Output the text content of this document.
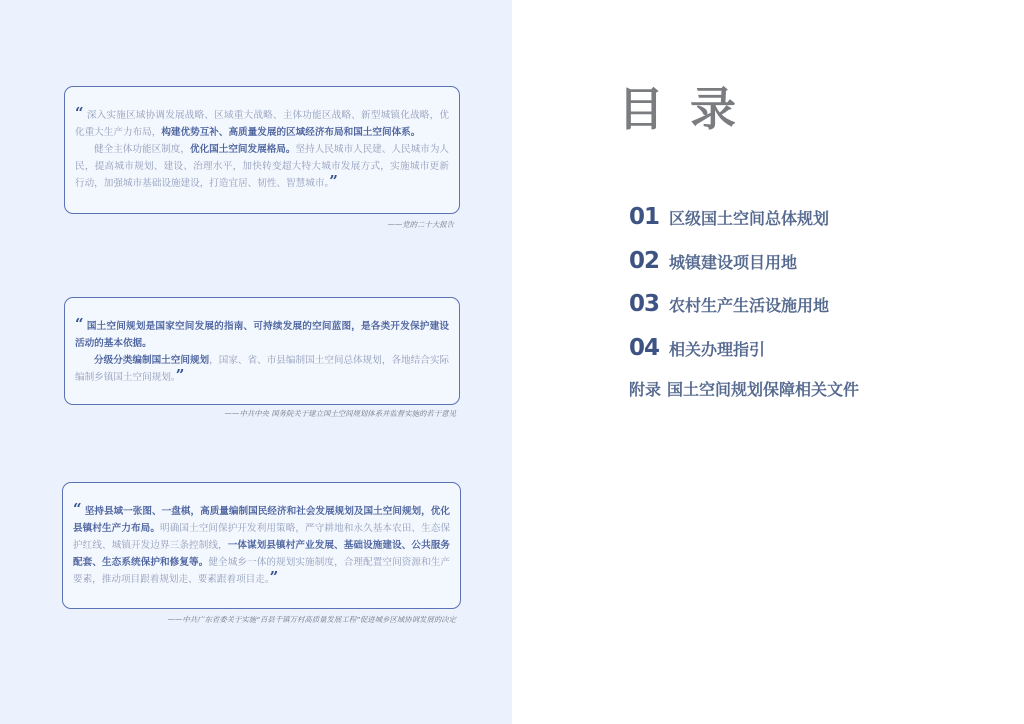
“ 深入实施区域协调发展战略、区域重大战略、主体功能区战略、新型城镇化战略，优化重大生产力布局，构建优势互补、高质量发展的区域经济布局和国土空间体系。

健全主体功能区制度，优化国土空间发展格局。坚持人民城市人民建、人民城市为人民，提高城市规划、建设、治理水平，加快转变超大特大城市发展方式，实施城市更新行动，加强城市基础设施建设，打造宜居、韧性、智慧城市。”

——党的二十大报告

“ 国土空间规划是国家空间发展的指南、可持续发展的空间蓝图，是各类开发保护建设活动的基本依据。

分级分类编制国土空间规划，国家、省、市县编制国土空间总体规划，各地结合实际编制乡镇国土空间规划。”

——中共中央 国务院关于建立国土空间规划体系并监督实施的若干意见

“ 坚持县域一张图、一盘棋，高质量编制国民经济和社会发展规划及国土空间规划，优化县镇村生产力布局。明确国土空间保护开发利用策略，严守耕地和永久基本农田、生态保护红线、城镇开发边界三条控制线，一体谋划县镇村产业发展、基础设施建设、公共服务配套、生态系统保护和修复等。健全城乡一体的规划实施制度，合理配置空间资源和生产要素，推动项目跟着规划走、要素跟着项目走。”

——中共广东省委关于实施“百县千镇万村高质量发展工程”促进城乡区域协调发展的决定
目录
01 区级国土空间总体规划
02 城镇建设项目用地
03 农村生产生活设施用地
04 相关办理指引
附录 国土空间规划保障相关文件
